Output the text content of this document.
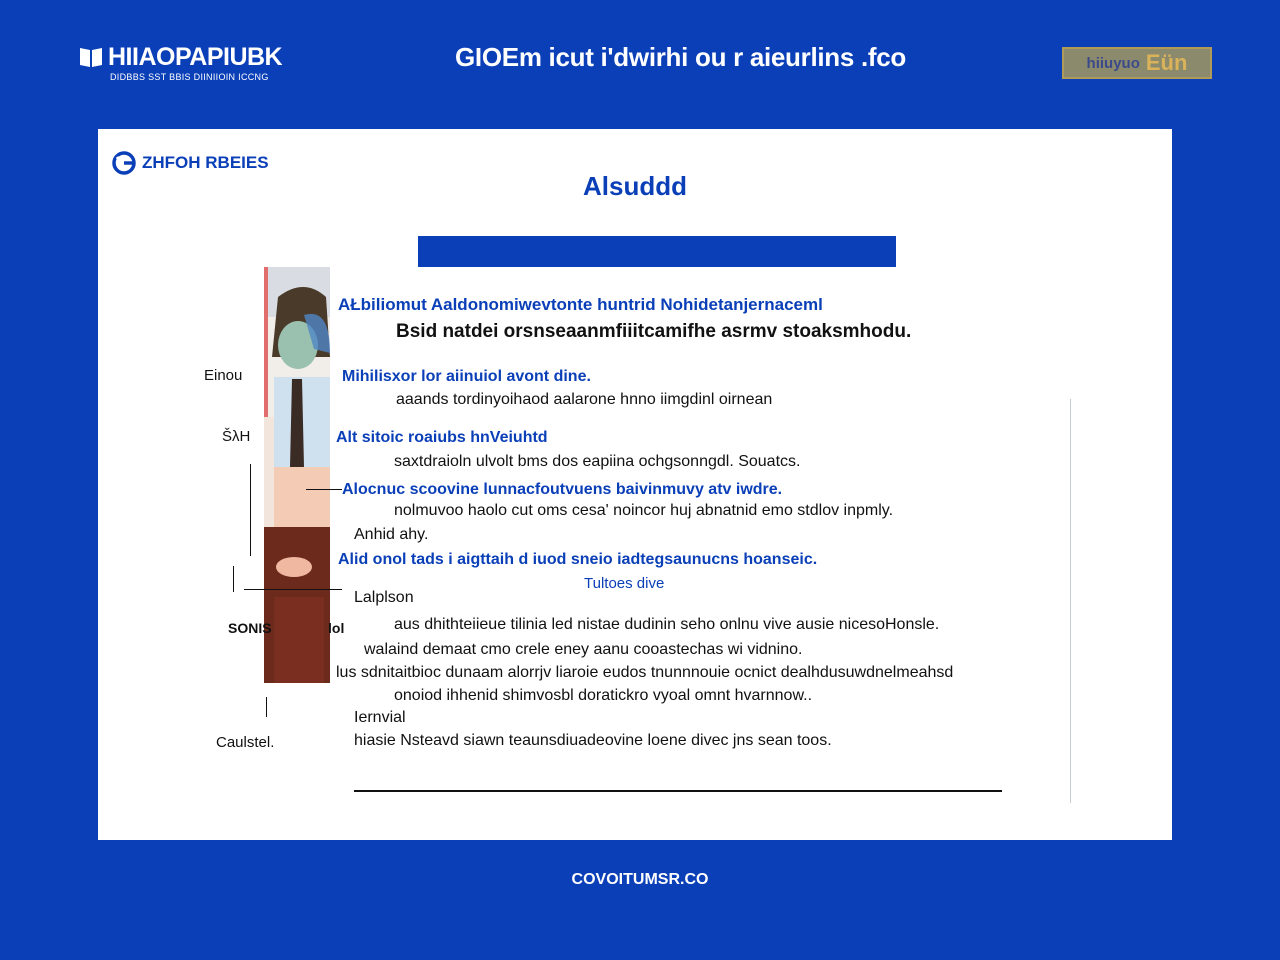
HIIAOPAPIUBK
DIDBBS SST BBIS DIINIIOIN ICCNG
GIOEm icut i'dwirhi ou r aieurlins .fco	hiiuyuo Eün
ZHFOH RBEIES
Alsuddd
AŁbiliomut Aaldonomiwevtonte huntrid Nohidetanjernaceml
Bsid natdei orsnseaanmfiiitcamifhe asrmv stoaksmhodu.
Mihilisxor lor aiinuiol avont dine.
aaands tordinyoihaod aalarone hnno iimgdinl oirnean
Alt sitoic roaiubs hnVeiuhtd
saxtdraioln ulvolt bms dos eapiina ochgsonngdl. Souatcs.
Alocnuc scoovine lunnacfoutvuens baivinmuvy atv iwdre.
nolmuvoo haolo cut oms cesa' noincor huj abnatnid emo stdlov inpmly.
Anhid ahy.
Alid onol tads i aigttaih d iuod sneio iadtegsaunucns hoanseic.
Tultoes dive
Lalplson
aus dhithteiieue tilinia led nistae dudinin seho onlnu vive ausie nicesoHonsle.
walaind demaat cmo crele eney aanu cooastechas wi vidnino.
lus sdnitaitbioc dunaam alorrjv liaroie eudos tnunnnouie ocnict dealhdusuwdnelmeahsd
onoiod ihhenid shimvosbl doratickro vyoal omnt hvarnnow..
Iernvial
hiasie Nsteavd siawn teaunsdiuadeovine loene divec jns sean toos.
Einou
ŠλH
SONIS	lol
Caulstel.
COVOITUMSR.CO
